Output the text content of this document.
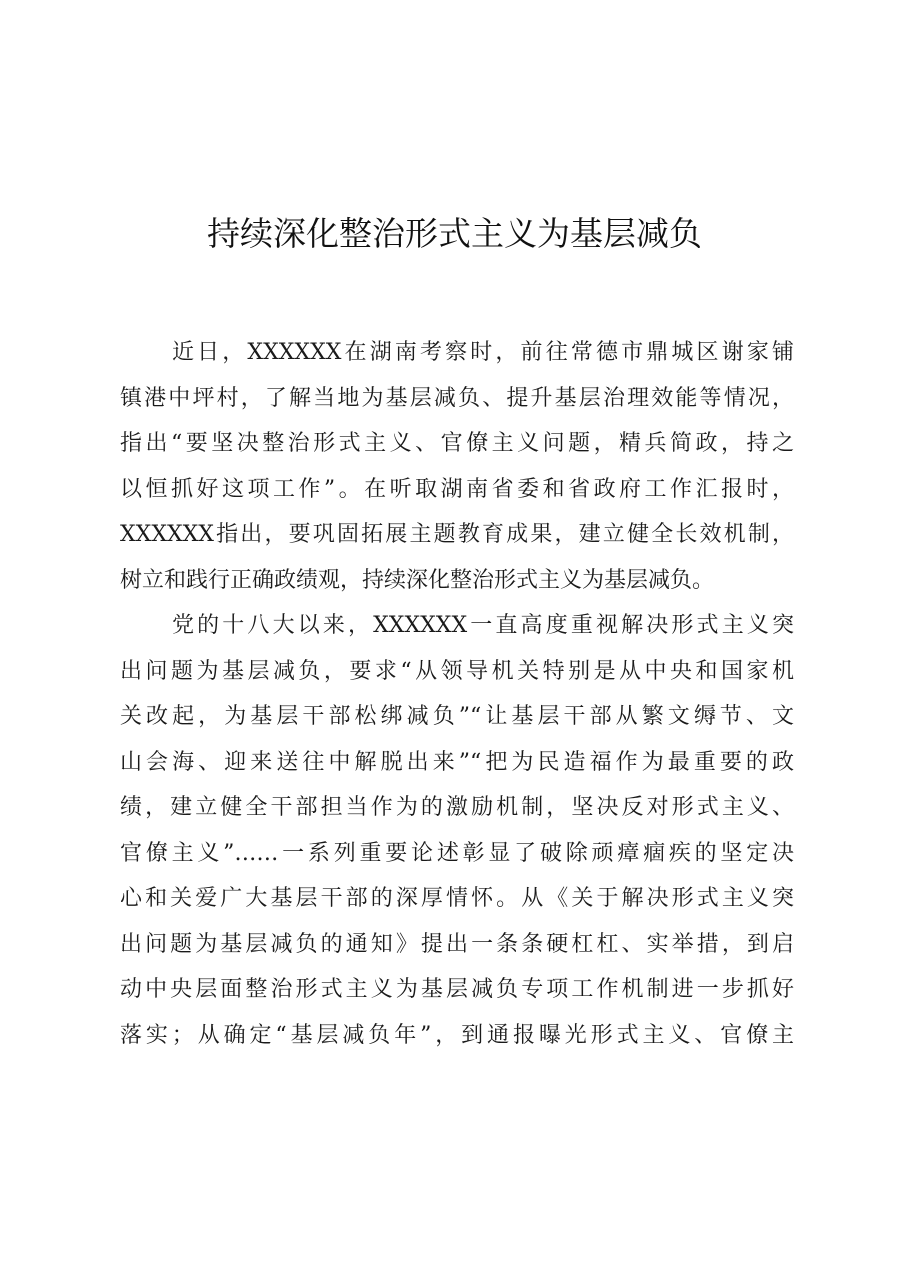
持续深化整治形式主义为基层减负
近日，XXXXXX在湖南考察时，前往常德市鼎城区谢家铺
镇港中坪村，了解当地为基层减负、提升基层治理效能等情况，
指出“要坚决整治形式主义、官僚主义问题，精兵简政，持之
以恒抓好这项工作”。在听取湖南省委和省政府工作汇报时，
XXXXXX指出，要巩固拓展主题教育成果，建立健全长效机制，
树立和践行正确政绩观，持续深化整治形式主义为基层减负。
党的十八大以来，XXXXXX一直高度重视解决形式主义突
出问题为基层减负，要求“从领导机关特别是从中央和国家机
关改起，为基层干部松绑减负”“让基层干部从繁文缛节、文
山会海、迎来送往中解脱出来”“把为民造福作为最重要的政
绩，建立健全干部担当作为的激励机制，坚决反对形式主义、
官僚主义”……一系列重要论述彰显了破除顽瘴痼疾的坚定决
心和关爱广大基层干部的深厚情怀。从《关于解决形式主义突
出问题为基层减负的通知》提出一条条硬杠杠、实举措，到启
动中央层面整治形式主义为基层减负专项工作机制进一步抓好
落实；从确定“基层减负年”，到通报曝光形式主义、官僚主
